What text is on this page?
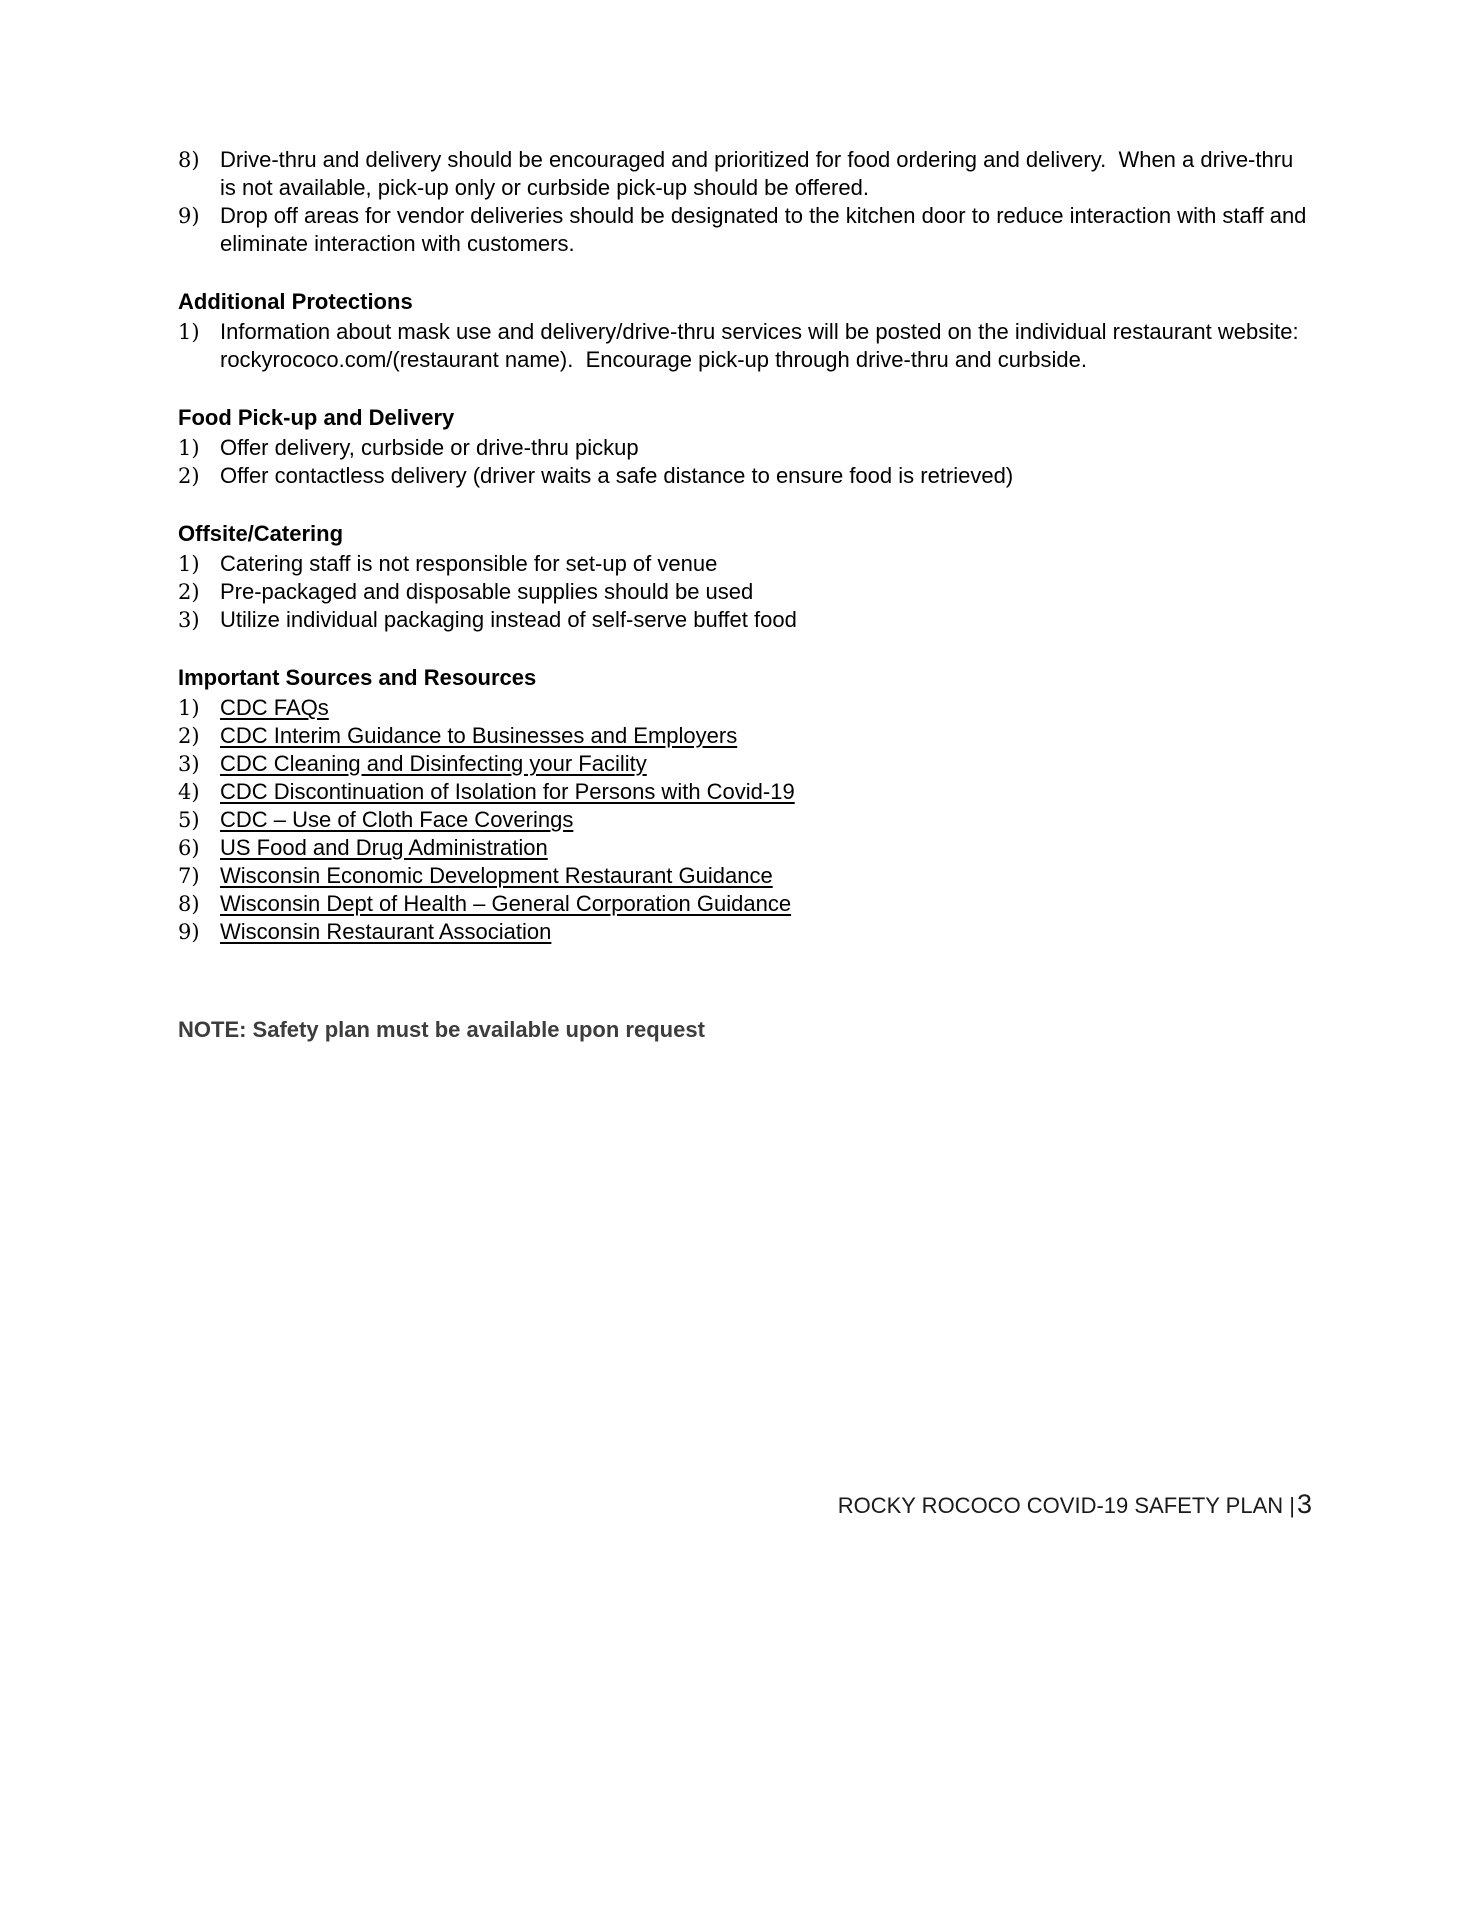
8) Drive-thru and delivery should be encouraged and prioritized for food ordering and delivery.  When a drive-thru is not available, pick-up only or curbside pick-up should be offered.
9) Drop off areas for vendor deliveries should be designated to the kitchen door to reduce interaction with staff and eliminate interaction with customers.
Additional Protections
1) Information about mask use and delivery/drive-thru services will be posted on the individual restaurant website: rockyrococo.com/(restaurant name).  Encourage pick-up through drive-thru and curbside.
Food Pick-up and Delivery
1) Offer delivery, curbside or drive-thru pickup
2) Offer contactless delivery (driver waits a safe distance to ensure food is retrieved)
Offsite/Catering
1) Catering staff is not responsible for set-up of venue
2) Pre-packaged and disposable supplies should be used
3) Utilize individual packaging instead of self-serve buffet food
Important Sources and Resources
1) CDC FAQs
2) CDC Interim Guidance to Businesses and Employers
3) CDC Cleaning and Disinfecting your Facility
4) CDC Discontinuation of Isolation for Persons with Covid-19
5) CDC – Use of Cloth Face Coverings
6) US Food and Drug Administration
7) Wisconsin Economic Development Restaurant Guidance
8) Wisconsin Dept of Health – General Corporation Guidance
9) Wisconsin Restaurant Association
NOTE: Safety plan must be available upon request
ROCKY ROCOCO COVID-19 SAFETY PLAN | 3
